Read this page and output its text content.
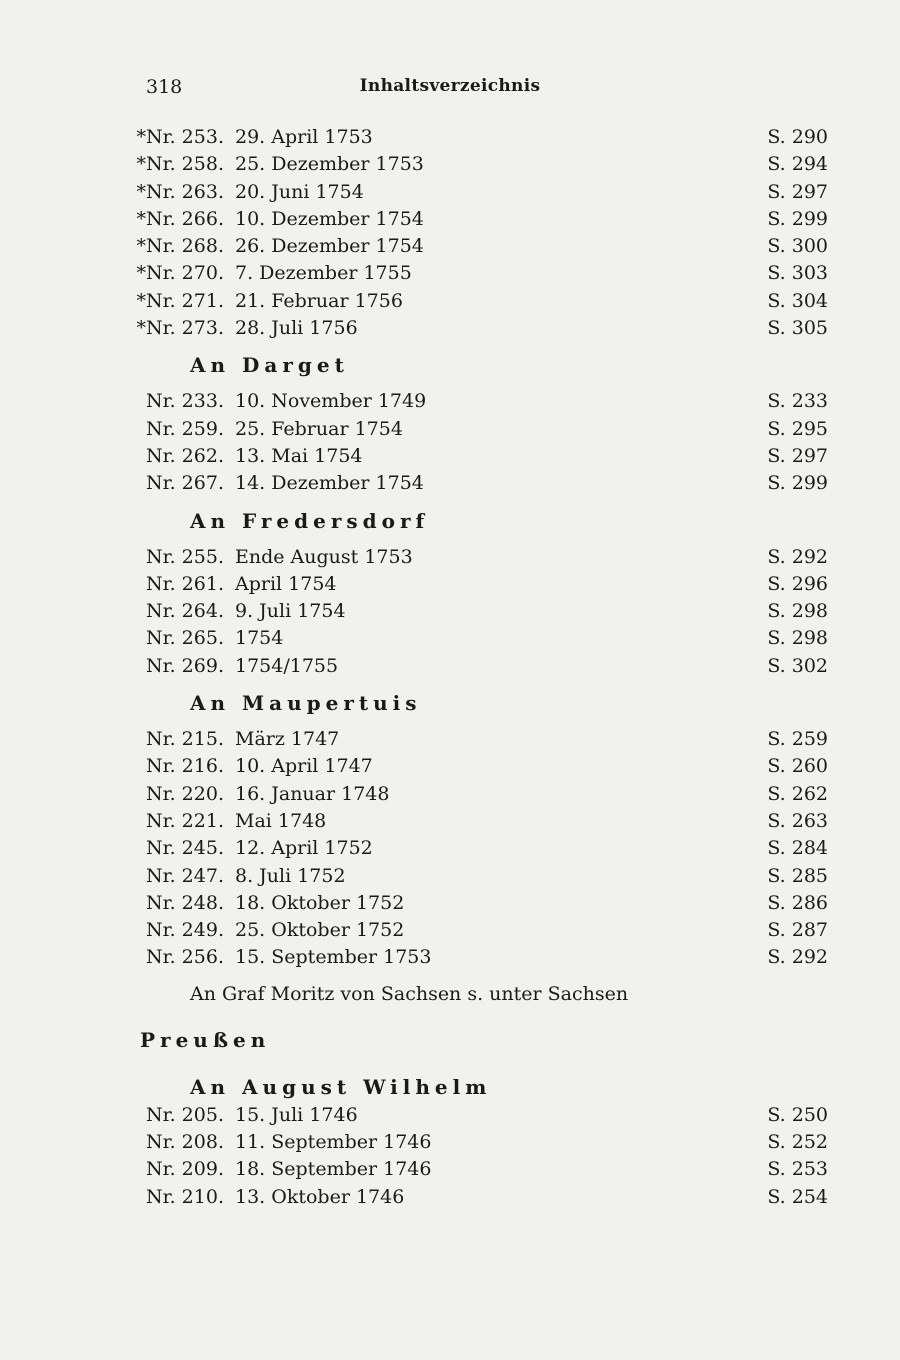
318	Inhaltsverzeichnis
*Nr. 253. 29. April 1753	S. 290
*Nr. 258. 25. Dezember 1753	S. 294
*Nr. 263. 20. Juni 1754	S. 297
*Nr. 266. 10. Dezember 1754	S. 299
*Nr. 268. 26. Dezember 1754	S. 300
*Nr. 270. 7. Dezember 1755	S. 303
*Nr. 271. 21. Februar 1756	S. 304
*Nr. 273. 28. Juli 1756	S. 305
An Darget
Nr. 233. 10. November 1749	S. 233
Nr. 259. 25. Februar 1754	S. 295
Nr. 262. 13. Mai 1754	S. 297
Nr. 267. 14. Dezember 1754	S. 299
An Fredersdorf
Nr. 255. Ende August 1753	S. 292
Nr. 261. April 1754	S. 296
Nr. 264. 9. Juli 1754	S. 298
Nr. 265. 1754	S. 298
Nr. 269. 1754/1755	S. 302
An Maupertuis
Nr. 215. März 1747	S. 259
Nr. 216. 10. April 1747	S. 260
Nr. 220. 16. Januar 1748	S. 262
Nr. 221. Mai 1748	S. 263
Nr. 245. 12. April 1752	S. 284
Nr. 247. 8. Juli 1752	S. 285
Nr. 248. 18. Oktober 1752	S. 286
Nr. 249. 25. Oktober 1752	S. 287
Nr. 256. 15. September 1753	S. 292
An Graf Moritz von Sachsen s. unter Sachsen
Preußen
An August Wilhelm
Nr. 205. 15. Juli 1746	S. 250
Nr. 208. 11. September 1746	S. 252
Nr. 209. 18. September 1746	S. 253
Nr. 210. 13. Oktober 1746	S. 254
